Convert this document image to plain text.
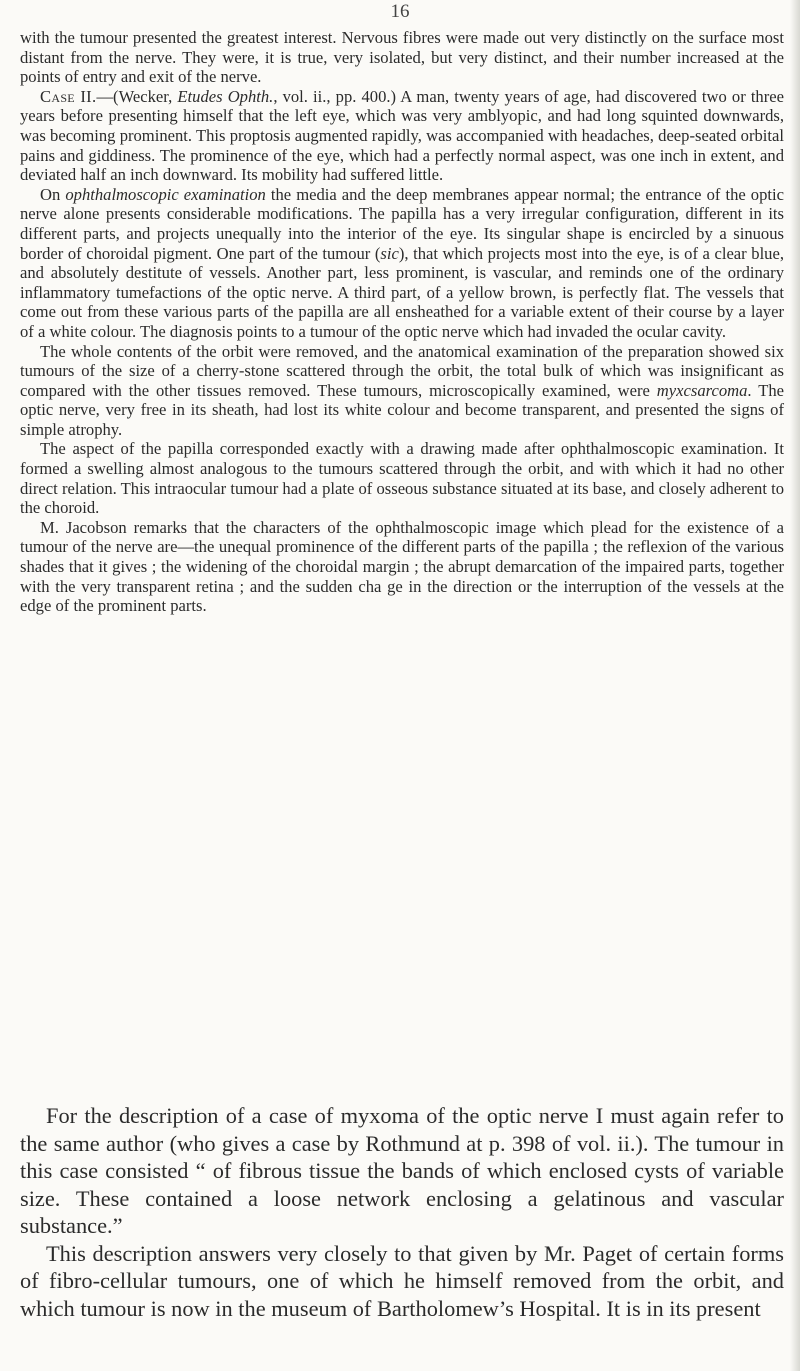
16

with the tumour presented the greatest interest. Nervous fibres were made out very distinctly on the surface most distant from the nerve. They were, it is true, very isolated, but very distinct, and their number increased at the points of entry and exit of the nerve.

Case II.—(Wecker, Etudes Ophth., vol. ii., pp. 400.) A man, twenty years of age, had discovered two or three years before presenting himself that the left eye, which was very amblyopic, and had long squinted downwards, was becoming prominent. This proptosis augmented rapidly, was accompanied with headaches, deep-seated orbital pains and giddiness. The prominence of the eye, which had a perfectly normal aspect, was one inch in extent, and deviated half an inch downward. Its mobility had suffered little.

On ophthalmoscopic examination the media and the deep membranes appear normal; the entrance of the optic nerve alone presents considerable modifications. The papilla has a very irregular configuration, different in its different parts, and projects unequally into the interior of the eye. Its singular shape is encircled by a sinuous border of choroidal pigment. One part of the tumour (sic), that which projects most into the eye, is of a clear blue, and absolutely destitute of vessels. Another part, less prominent, is vascular, and reminds one of the ordinary inflammatory tumefactions of the optic nerve. A third part, of a yellow brown, is perfectly flat. The vessels that come out from these various parts of the papilla are all ensheathed for a variable extent of their course by a layer of a white colour. The diagnosis points to a tumour of the optic nerve which had invaded the ocular cavity.

The whole contents of the orbit were removed, and the anatomical examination of the preparation showed six tumours of the size of a cherry-stone scattered through the orbit, the total bulk of which was insignificant as compared with the other tissues removed. These tumours, microscopically examined, were myxcsarcoma. The optic nerve, very free in its sheath, had lost its white colour and become transparent, and presented the signs of simple atrophy.

The aspect of the papilla corresponded exactly with a drawing made after ophthalmoscopic examination. It formed a swelling almost analogous to the tumours scattered through the orbit, and with which it had no other direct relation. This intraocular tumour had a plate of osseous substance situated at its base, and closely adherent to the choroid.

M. Jacobson remarks that the characters of the ophthalmoscopic image which plead for the existence of a tumour of the nerve are—the unequal prominence of the different parts of the papilla ; the reflexion of the various shades that it gives ; the widening of the choroidal margin ; the abrupt demarcation of the impaired parts, together with the very transparent retina ; and the sudden cha ge in the direction or the interruption of the vessels at the edge of the prominent parts.

For the description of a case of myxoma of the optic nerve I must again refer to the same author (who gives a case by Rothmund at p. 398 of vol. ii.). The tumour in this case consisted “ of fibrous tissue the bands of which enclosed cysts of variable size. These contained a loose network enclosing a gelatinous and vascular substance.”

This description answers very closely to that given by Mr. Paget of certain forms of fibro-cellular tumours, one of which he himself removed from the orbit, and which tumour is now in the museum of Bartholomew’s Hospital. It is in its present
